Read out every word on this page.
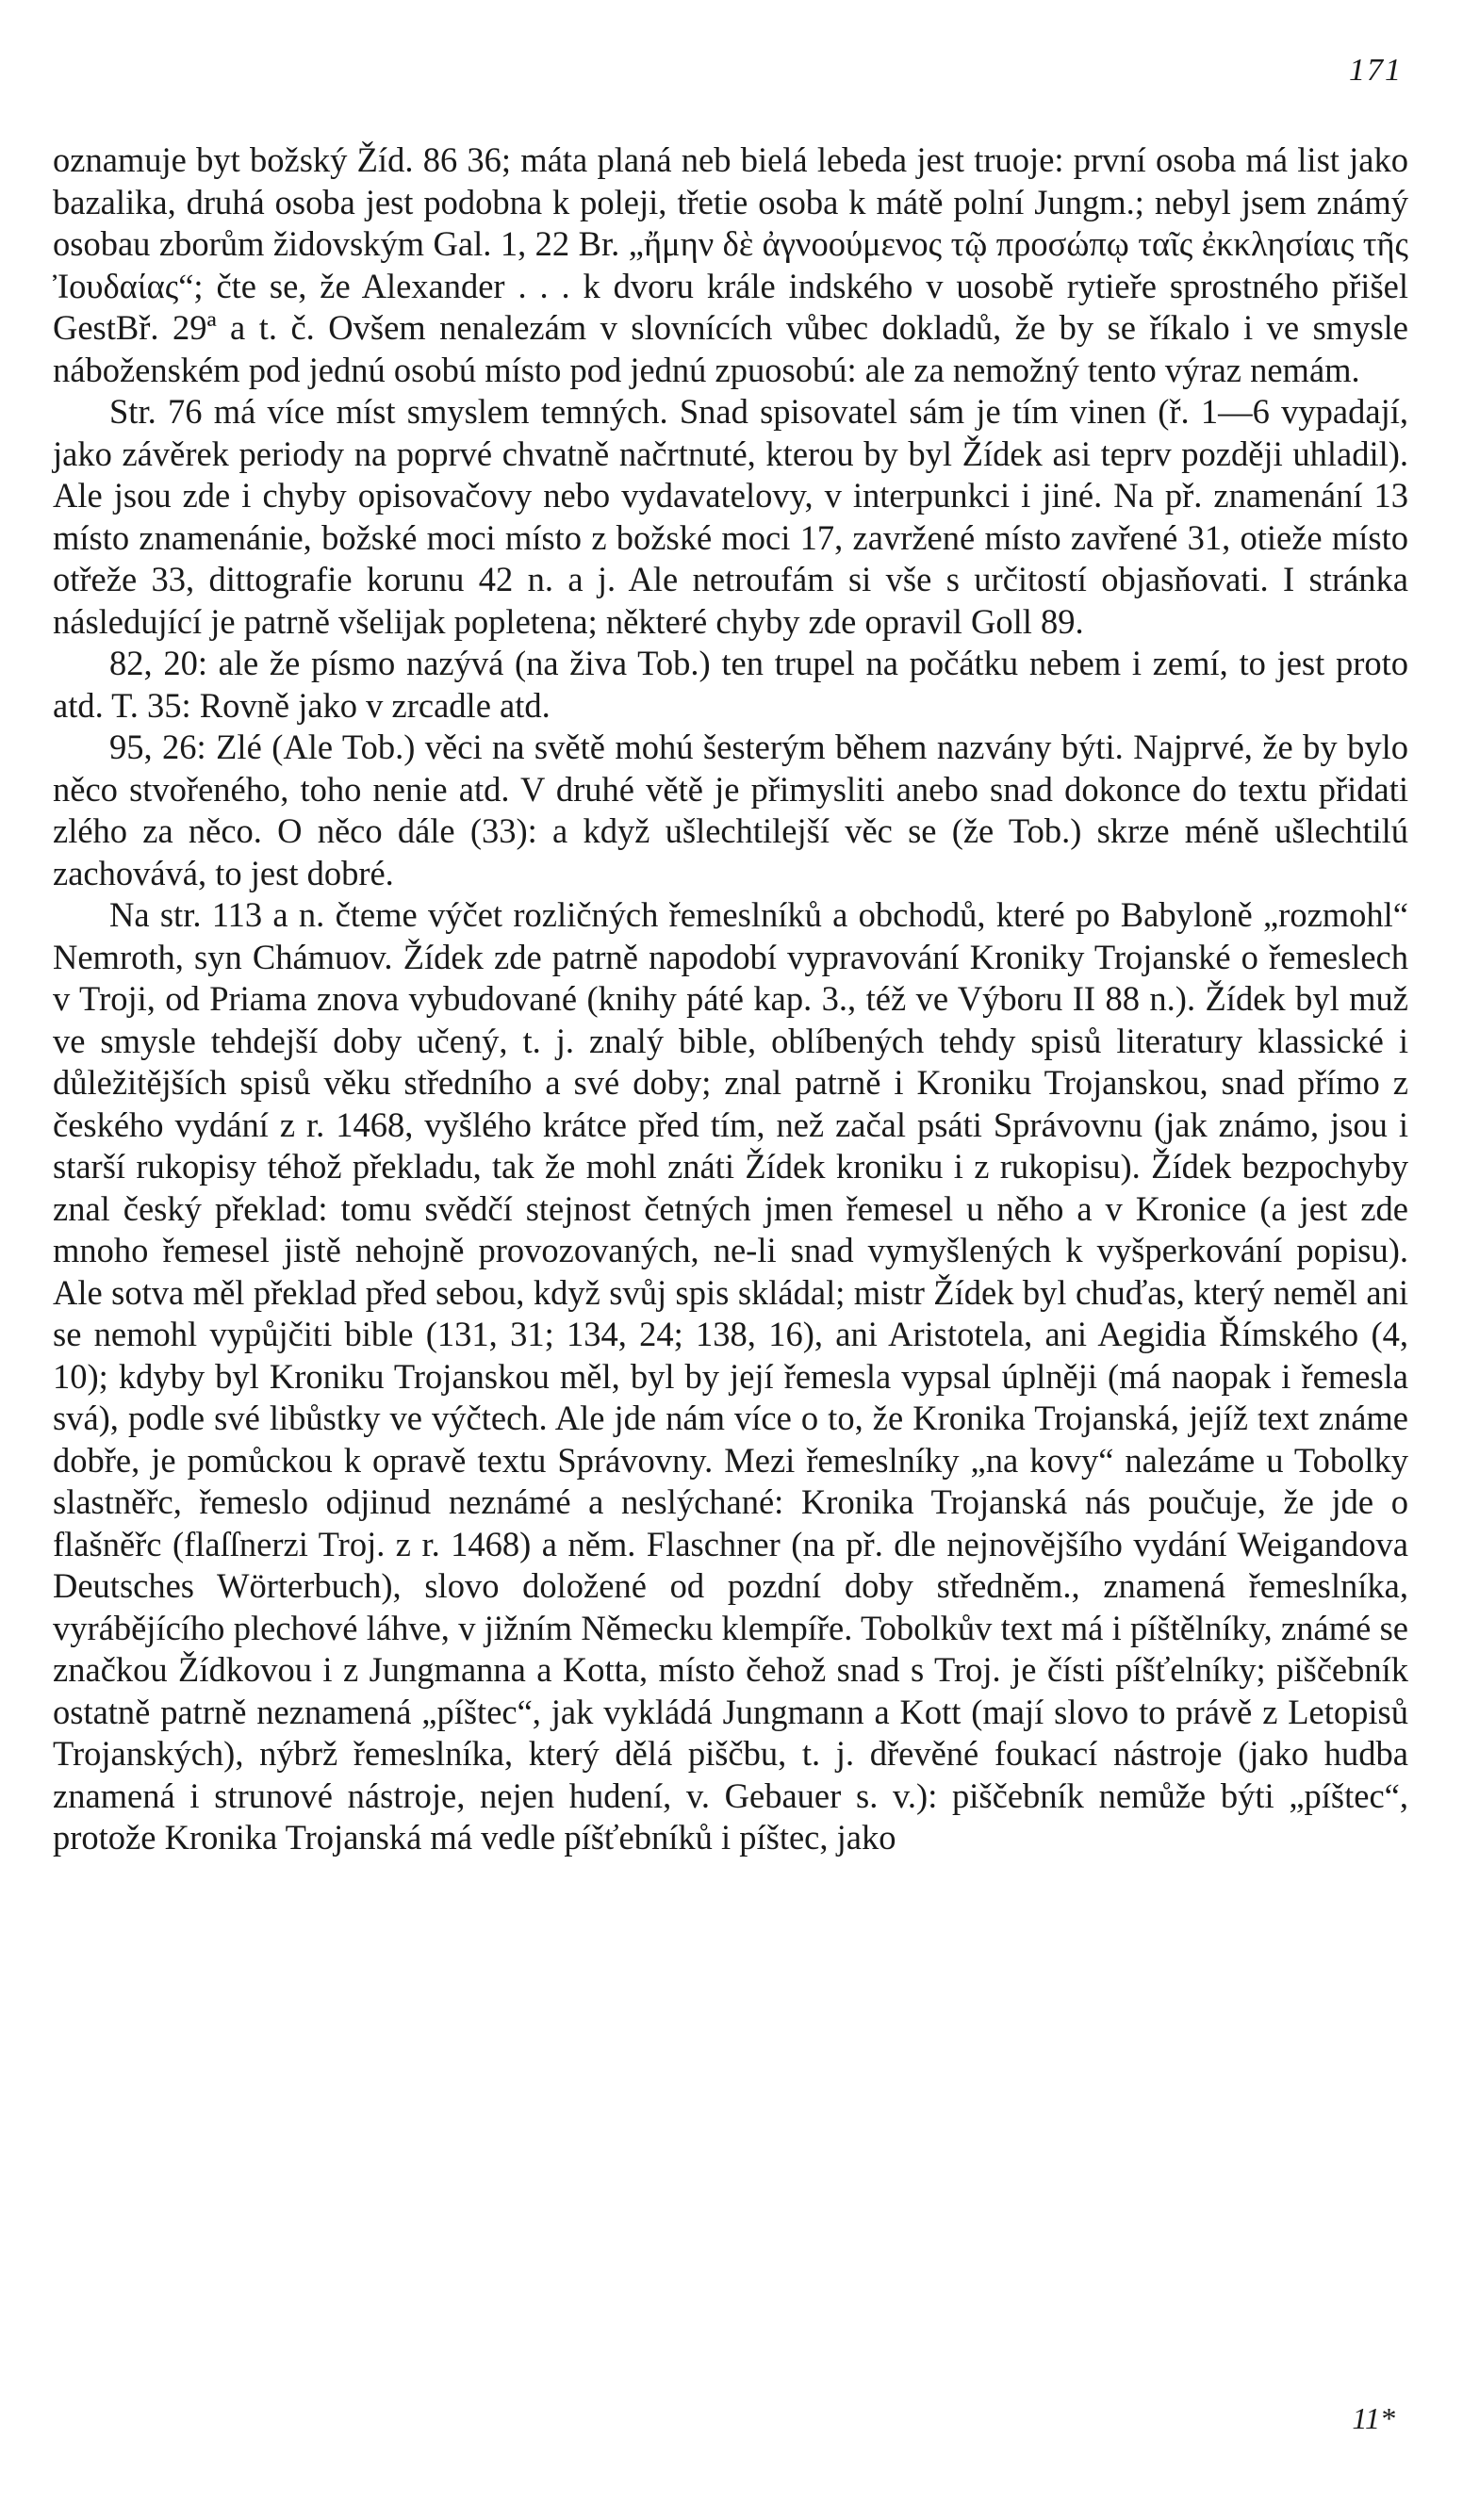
171

oznamuje byt božský Žíd. 86 36; máta planá neb bielá lebeda jest truoje: první osoba má list jako bazalika, druhá osoba jest podobna k poleji, třetie osoba k mátě polní Jungm.; nebyl jsem známý osobau zborům židovským Gal. 1, 22 Br. „ἤμην δὲ ἀγνοούμενος τῷ προσώπῳ ταῖς ἐκκλησίαις τῆς Ἰουδαίας“; čte se, že Alexander . . . k dvoru krále indského v uosobě rytieře sprostného přišel GestBř. 29ª a t. č. Ovšem nenalezám v slovnících vůbec dokladů, že by se říkalo i ve smysle náboženském pod jednú osobú místo pod jednú zpuosobú: ale za nemožný tento výraz nemám.

Str. 76 má více míst smyslem temných. Snad spisovatel sám je tím vinen (ř. 1—6 vypadají, jako závěrek periody na poprvé chvatně načrtnuté, kterou by byl Žídek asi teprv později uhladil). Ale jsou zde i chyby opisovačovy nebo vydavatelovy, v interpunkci i jiné. Na př. znamenání 13 místo znamenánie, božské moci místo z božské moci 17, zavržené místo zavřené 31, otieže místo otřeže 33, dittografie korunu 42 n. a j. Ale netroufám si vše s určitostí objasňovati. I stránka následující je patrně všelijak popletena; některé chyby zde opravil Goll 89.

82, 20: ale že písmo nazývá (na živa Tob.) ten trupel na počátku nebem i zemí, to jest proto atd. T. 35: Rovně jako v zrcadle atd.

95, 26: Zlé (Ale Tob.) věci na světě mohú šesterým během nazvány býti. Najprvé, že by bylo něco stvořeného, toho nenie atd. V druhé větě je přimysliti anebo snad dokonce do textu přidati zlého za něco. O něco dále (33): a když ušlechtilejší věc se (že Tob.) skrze méně ušlechtilú zachovává, to jest dobré.

Na str. 113 a n. čteme výčet rozličných řemeslníků a obchodů, které po Babyloně „rozmohl“ Nemroth, syn Chámuov. Žídek zde patrně napodobí vypravování Kroniky Trojanské o řemeslech v Troji, od Priama znova vybudované (knihy páté kap. 3., též ve Výboru II 88 n.). Žídek byl muž ve smysle tehdejší doby učený, t. j. znalý bible, oblíbených tehdy spisů literatury klassické i důležitějších spisů věku středního a své doby; znal patrně i Kroniku Trojanskou, snad přímo z českého vydání z r. 1468, vyšlého krátce před tím, než začal psáti Správovnu (jak známo, jsou i starší rukopisy téhož překladu, tak že mohl znáti Žídek kroniku i z rukopisu). Žídek bezpochyby znal český překlad: tomu svědčí stejnost četných jmen řemesel u něho a v Kronice (a jest zde mnoho řemesel jistě nehojně provozovaných, ne-li snad vymyšlených k vyšperkování popisu). Ale sotva měl překlad před sebou, když svůj spis skládal; mistr Žídek byl chuďas, který neměl ani se nemohl vypůjčiti bible (131, 31; 134, 24; 138, 16), ani Aristotela, ani Aegidia Římského (4, 10); kdyby byl Kroniku Trojanskou měl, byl by její řemesla vypsal úplněji (má naopak i řemesla svá), podle své libůstky ve výčtech. Ale jde nám více o to, že Kronika Trojanská, jejíž text známe dobře, je pomůckou k opravě textu Správovny. Mezi řemeslníky „na kovy“ nalezáme u Tobolky slastněřc, řemeslo odjinud neznámé a neslýchané: Kronika Trojanská nás poučuje, že jde o flašněřc (flaſſnerzi Troj. z r. 1468) a něm. Flaschner (na př. dle nejnovějšího vydání Weigandova Deutsches Wörterbuch), slovo doložené od pozdní doby středněm., znamená řemeslníka, vyrábějícího plechové láhve, v jižním Německu klempíře. Tobolkův text má i píštělníky, známé se značkou Žídkovou i z Jungmanna a Kotta, místo čehož snad s Troj. je čísti píšťelníky; piščebník ostatně patrně neznamená „píštec“, jak vykládá Jungmann a Kott (mají slovo to právě z Letopisů Trojanských), nýbrž řemeslníka, který dělá piščbu, t. j. dřevěné foukací nástroje (jako hudba znamená i strunové nástroje, nejen hudení, v. Gebauer s. v.): piščebník nemůže býti „píštec“, protože Kronika Trojanská má vedle píšťebníků i píštec, jako

11*
